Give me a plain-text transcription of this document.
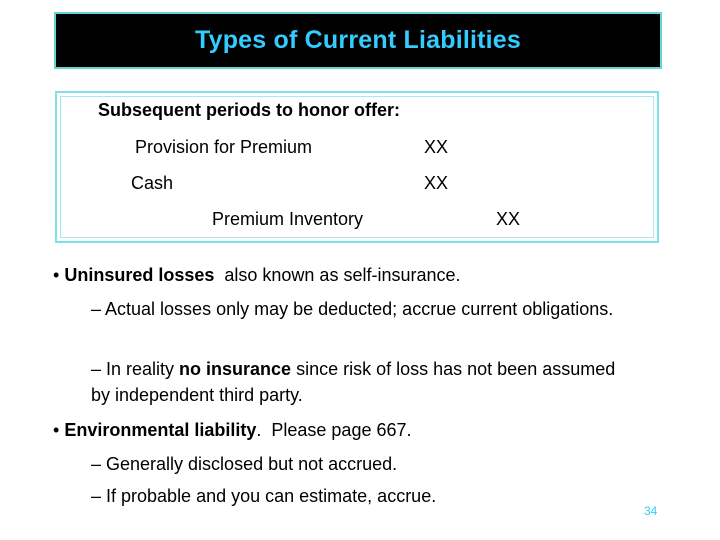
Types of Current Liabilities
Subsequent periods to honor offer:
Provision for Premium	XX
Cash	XX
Premium Inventory	XX
• Uninsured losses  also known as self-insurance.
– Actual losses only may be deducted; accrue current obligations.
– In reality no insurance since risk of loss has not been assumed by independent third party.
• Environmental liability.  Please page 667.
– Generally disclosed but not accrued.
– If probable and you can estimate, accrue.
34
